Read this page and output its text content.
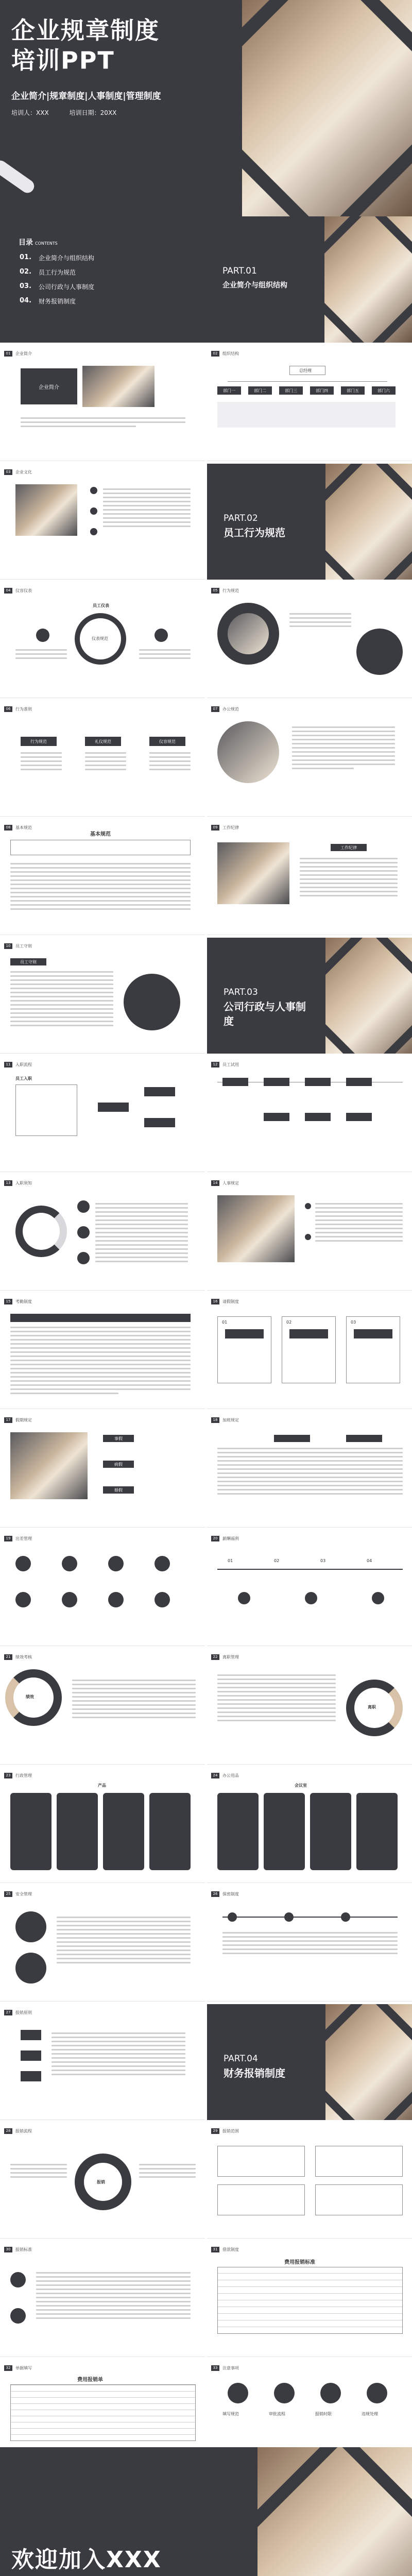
企业规章制度
培训PPT
企业简介|规章制度|人事制度|管理制度
培训人：XXX	培训日期：20XX
目录 CONTENTS
01. 企业简介与组织结构
02. 员工行为规范
03. 公司行政与人事制度
04. 财务报销制度
PART.01
企业简介与组织结构
01	企业简介
企业简介
02	组织结构
总经理
部门一	部门二	部门三	部门四	部门五	部门六
03	企业文化
PART.02
员工行为规范
04	仪容仪表
员工仪表
仪表规范
05	行为规范
06	行为准则
行为规范	礼仪规范	仪容规范
07	办公规范
08	基本规范
基本规范
09	工作纪律
工作纪律
10	员工守则
员工守则
PART.03
公司行政与人事制度
11	入职流程
员工入职
12	员工试用
13	入职须知	14	人事规定
15	考勤制度	16	请假制度
01	02	03
17	假期规定
事假
病假
婚假
18	加班规定
19	出差管理	20	薪酬福利
01	02	03	04
21	绩效考核
绩效
22	离职管理
离职
23	行政管理
产品
24	办公用品
会议室
25	安全管理	26	保密制度
27	报销原则
PART.04
财务报销制度
28	报销流程
报销
29	报销范围
30	报销标准	31	借款制度
费用报销标准
32	单据填写
费用报销单
33	注意事项
填写规范	审批流程	报销时限	违规处理
欢迎加入XXX
